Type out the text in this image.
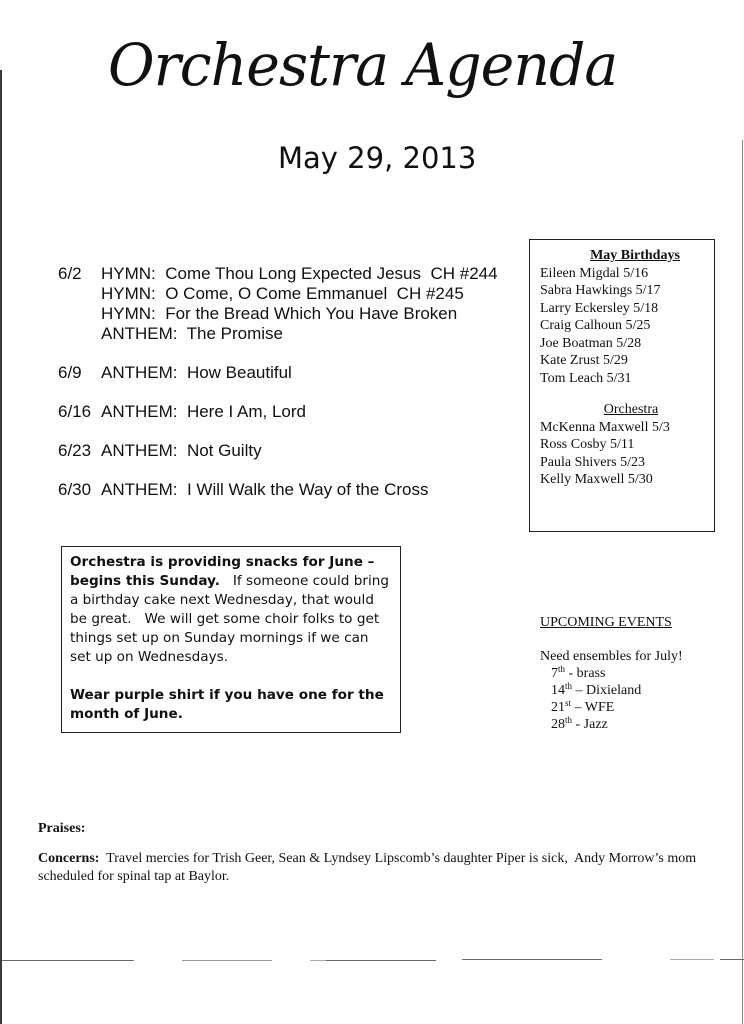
Orchestra Agenda
May 29, 2013
6/2	HYMN:  Come Thou Long Expected Jesus  CH #244
HYMN:  O Come, O Come Emmanuel  CH #245
HYMN:  For the Bread Which You Have Broken
ANTHEM:  The Promise
6/9	ANTHEM:  How Beautiful
6/16 ANTHEM:  Here I Am, Lord
6/23 ANTHEM:  Not Guilty
6/30 ANTHEM:  I Will Walk the Way of the Cross
May Birthdays
Eileen Migdal 5/16
Sabra Hawkings 5/17
Larry Eckersley 5/18
Craig Calhoun 5/25
Joe Boatman 5/28
Kate Zrust 5/29
Tom Leach 5/31
Orchestra
McKenna Maxwell 5/3
Ross Cosby 5/11
Paula Shivers 5/23
Kelly Maxwell 5/30

Orchestra is providing snacks for June – begins this Sunday.   If someone could bring a birthday cake next Wednesday, that would be great.   We will get some choir folks to get things set up on Sunday mornings if we can set up on Wednesdays.

Wear purple shirt if you have one for the month of June.

UPCOMING EVENTS
Need ensembles for July!
7th - brass
14th – Dixieland
21st – WFE
28th - Jazz
Praises:
Concerns:  Travel mercies for Trish Geer, Sean & Lyndsey Lipscomb’s daughter Piper is sick,  Andy Morrow’s mom scheduled for spinal tap at Baylor.
